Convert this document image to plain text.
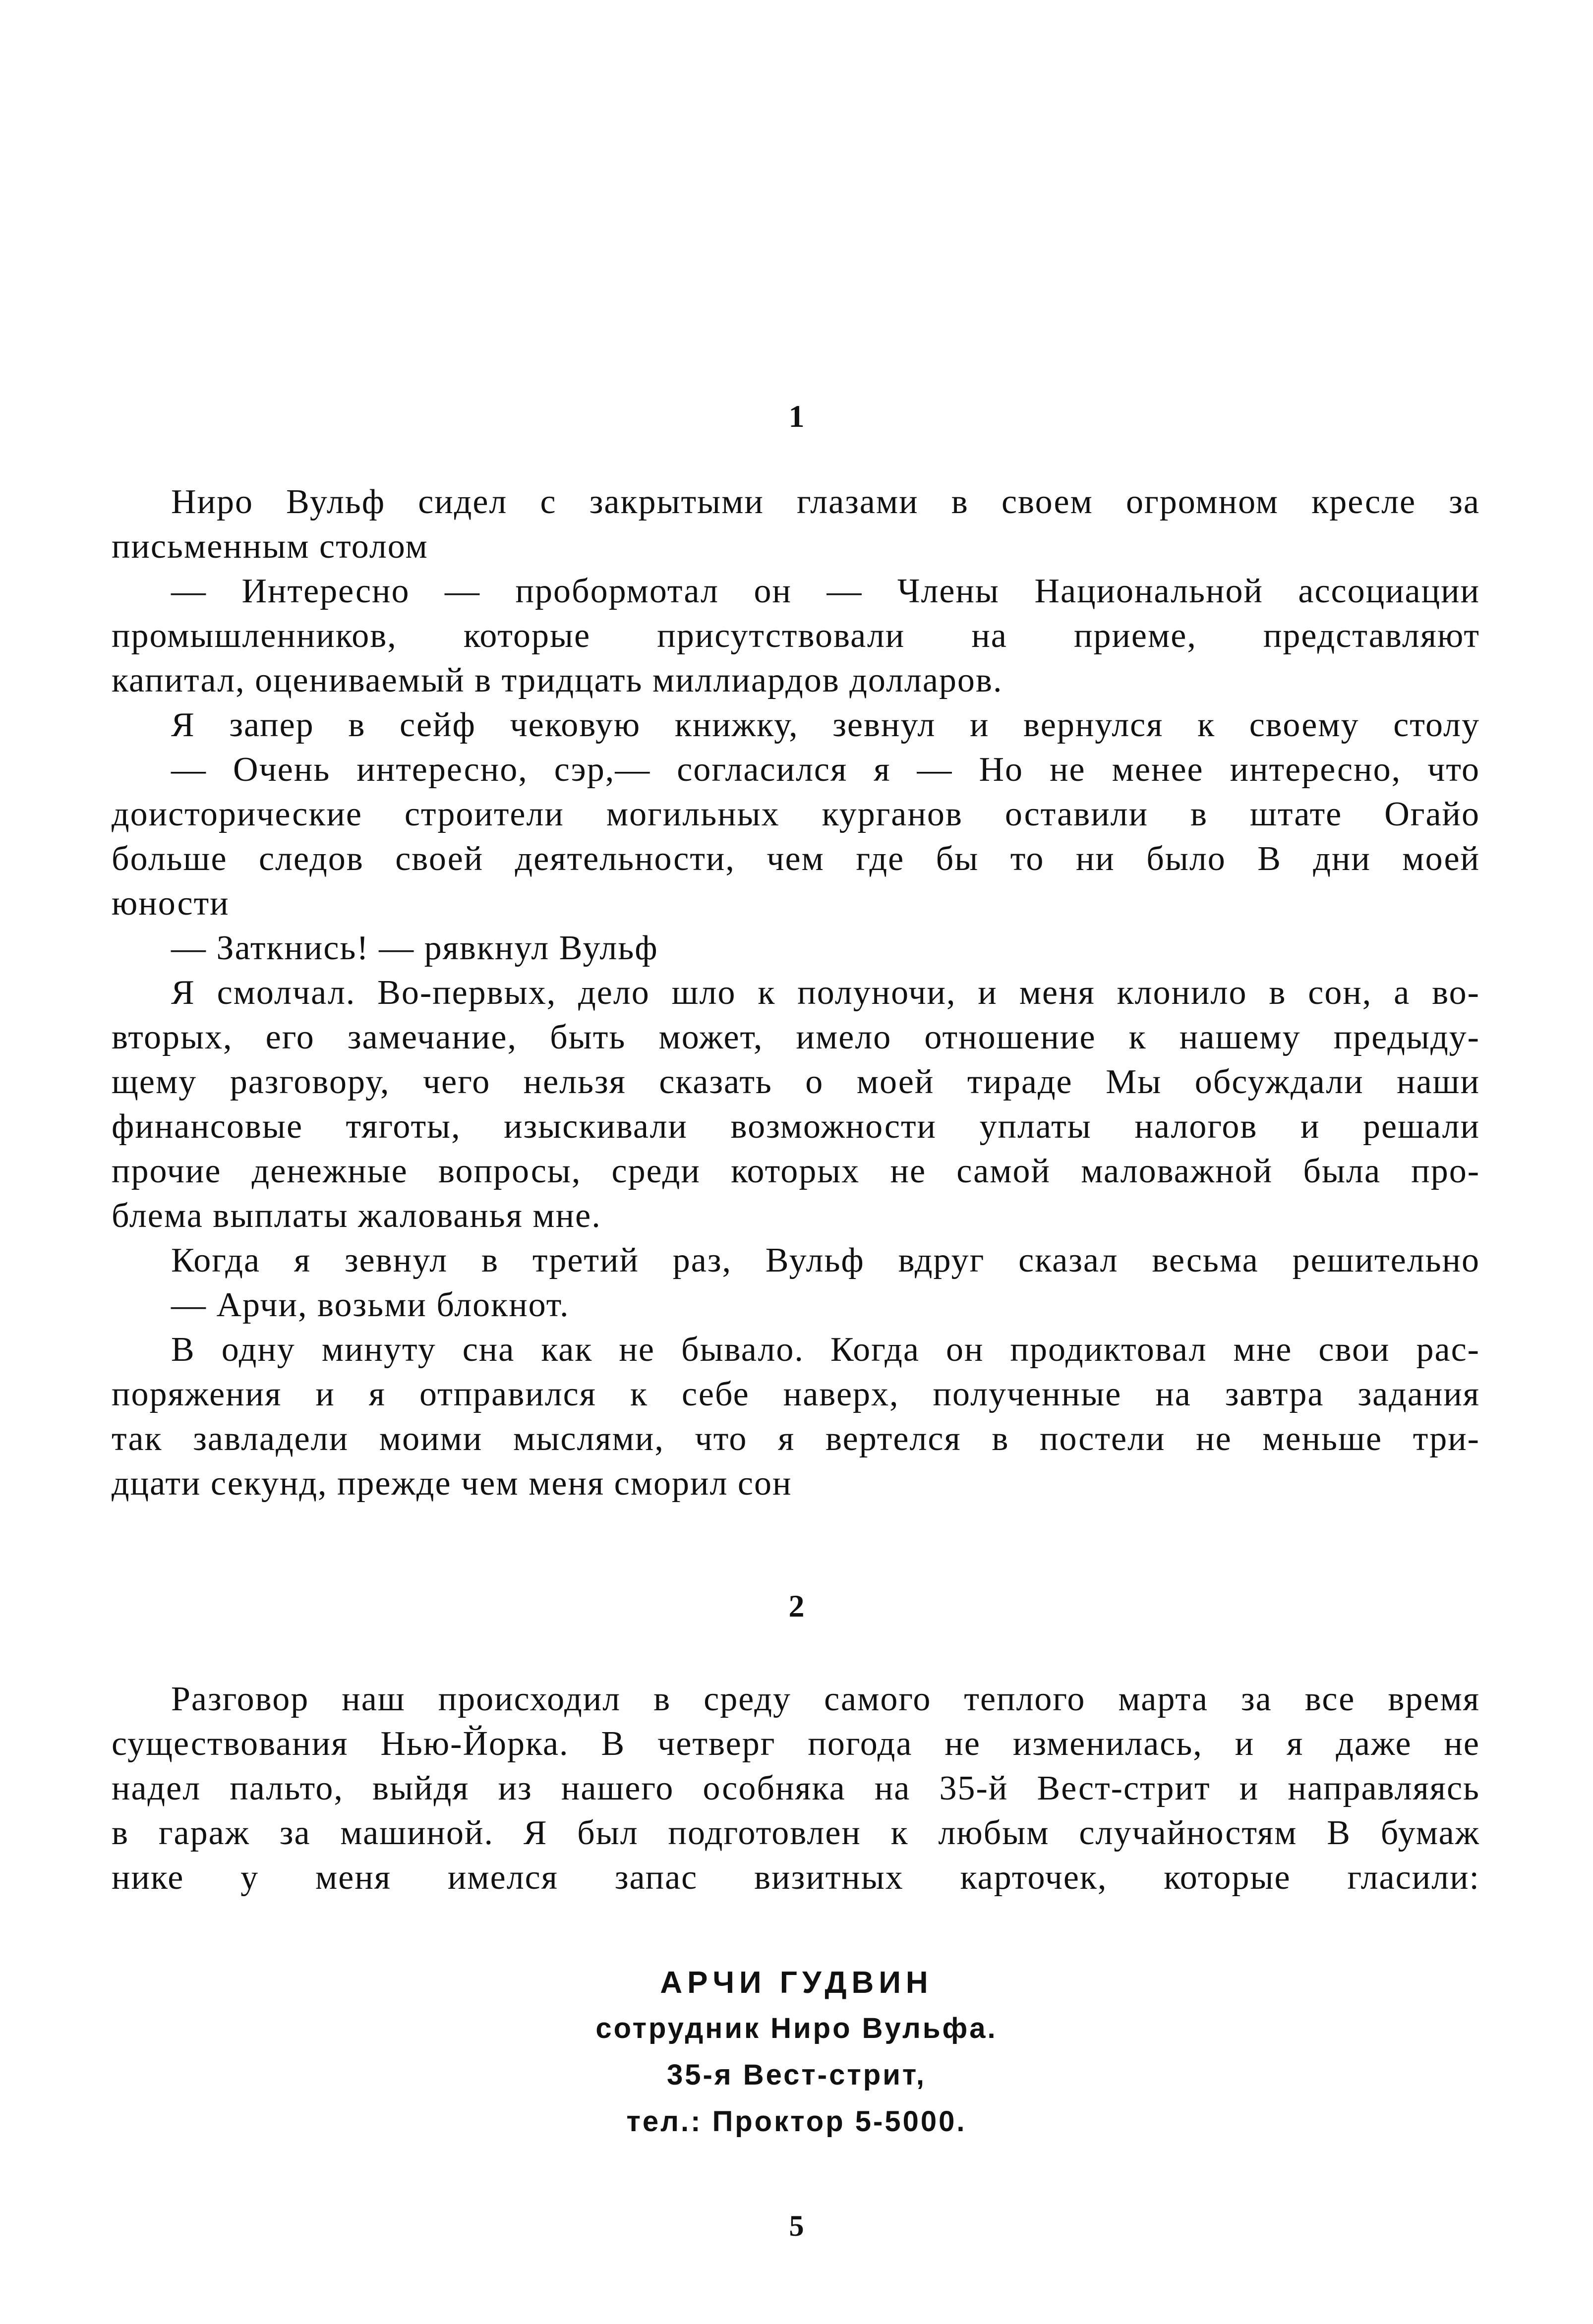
1
Ниро Вульф сидел с закрытыми глазами в своем огромном кресле за
письменным столом
— Интересно — пробормотал он — Члены Национальной ассоциации
промышленников, которые присутствовали на приеме, представляют
капитал, оцениваемый в тридцать миллиардов долларов.
Я запер в сейф чековую книжку, зевнул и вернулся к своему столу
— Очень интересно, сэр,— согласился я — Но не менее интересно, что
доисторические строители могильных курганов оставили в штате Огайо
больше следов своей деятельности, чем где бы то ни было В дни моей
юности
— Заткнись! — рявкнул Вульф
Я смолчал. Во-первых, дело шло к полуночи, и меня клонило в сон, а во-
вторых, его замечание, быть может, имело отношение к нашему предыду-
щему разговору, чего нельзя сказать о моей тираде Мы обсуждали наши
финансовые тяготы, изыскивали возможности уплаты налогов и решали
прочие денежные вопросы, среди которых не самой маловажной была про-
блема выплаты жалованья мне.
Когда я зевнул в третий раз, Вульф вдруг сказал весьма решительно
— Арчи, возьми блокнот.
В одну минуту сна как не бывало. Когда он продиктовал мне свои рас-
поряжения и я отправился к себе наверх, полученные на завтра задания
так завладели моими мыслями, что я вертелся в постели не меньше три-
дцати секунд, прежде чем меня сморил сон
2
Разговор наш происходил в среду самого теплого марта за все время
существования Нью-Йорка. В четверг погода не изменилась, и я даже не
надел пальто, выйдя из нашего особняка на 35-й Вест-стрит и направляясь
в гараж за машиной. Я был подготовлен к любым случайностям В бумаж
нике у меня имелся запас визитных карточек, которые гласили:
АРЧИ ГУДВИН
сотрудник Ниро Вульфа.
35-я Вест-стрит,
тел.: Проктор 5-5000.
5
